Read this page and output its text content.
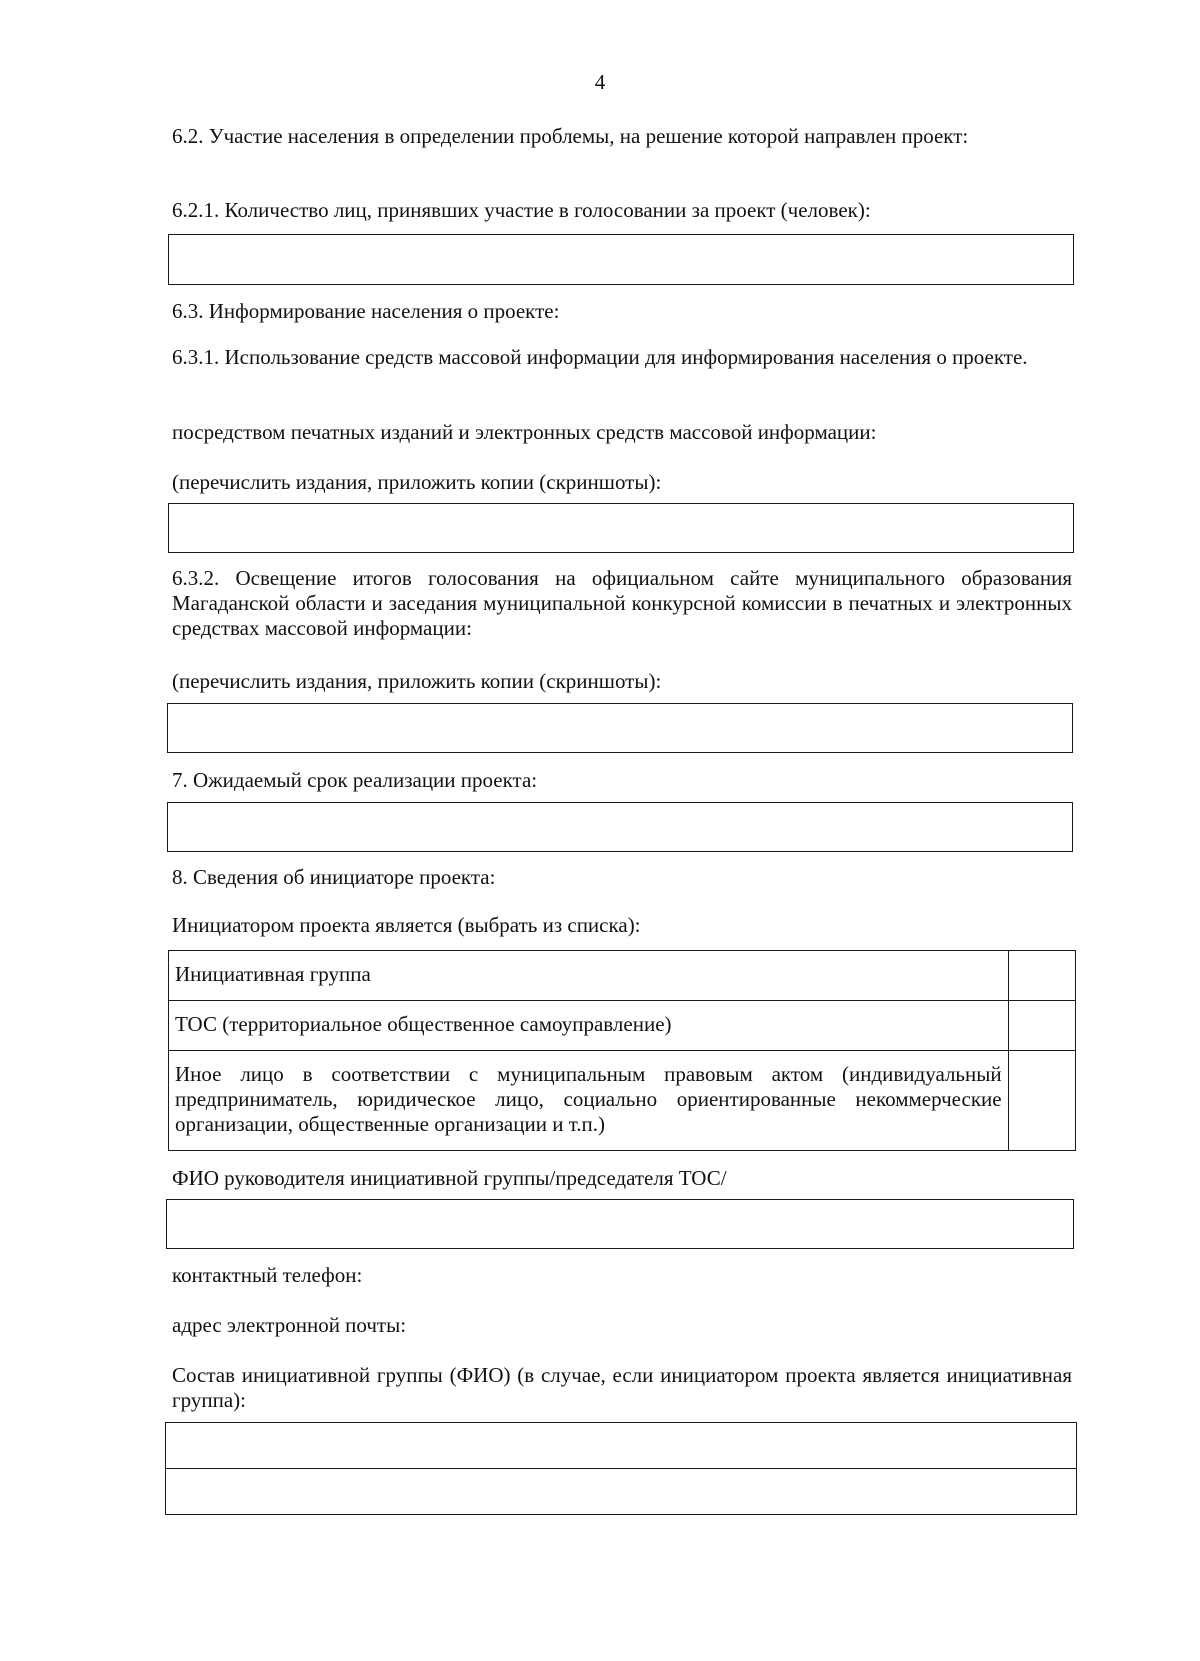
4
6.2. Участие населения в определении проблемы, на решение которой направлен проект:
6.2.1. Количество лиц, принявших участие в голосовании за проект (человек):
6.3. Информирование населения о проекте:
6.3.1. Использование средств массовой информации для информирования населения о проекте.
посредством печатных изданий и электронных средств массовой информации:
(перечислить издания, приложить копии (скриншоты):
6.3.2. Освещение итогов голосования на официальном сайте муниципального образования Магаданской области и заседания муниципальной конкурсной комиссии в печатных и электронных средствах массовой информации:
(перечислить издания, приложить копии (скриншоты):
7. Ожидаемый срок реализации проекта:
8. Сведения об инициаторе проекта:
Инициатором проекта является (выбрать из списка):
Инициативная группа	
ТОС (территориальное общественное самоуправление)	
Иное лицо в соответствии с муниципальным правовым актом (индивидуальный предприниматель, юридическое лицо, социально ориентированные некоммерческие организации, общественные организации и т.п.)	
ФИО руководителя инициативной группы/председателя ТОС/
контактный телефон:
адрес электронной почты:
Состав инициативной группы (ФИО) (в случае, если инициатором проекта является инициативная группа):
